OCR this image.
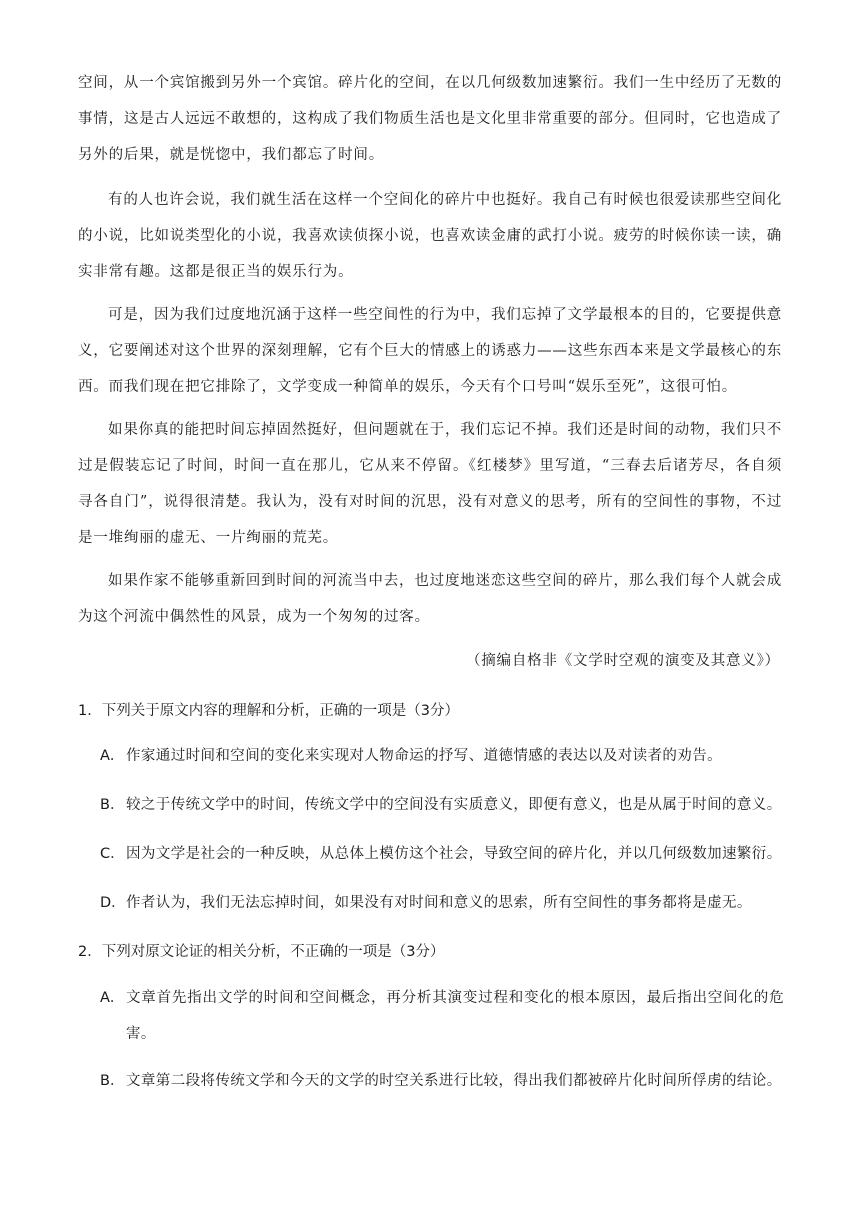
空间，从一个宾馆搬到另外一个宾馆。碎片化的空间，在以几何级数加速繁衍。我们一生中经历了无数的事情，这是古人远远不敢想的，这构成了我们物质生活也是文化里非常重要的部分。但同时，它也造成了另外的后果，就是恍惚中，我们都忘了时间。

有的人也许会说，我们就生活在这样一个空间化的碎片中也挺好。我自己有时候也很爱读那些空间化的小说，比如说类型化的小说，我喜欢读侦探小说，也喜欢读金庸的武打小说。疲劳的时候你读一读，确实非常有趣。这都是很正当的娱乐行为。

可是，因为我们过度地沉涵于这样一些空间性的行为中，我们忘掉了文学最根本的目的，它要提供意义，它要阐述对这个世界的深刻理解，它有个巨大的情感上的诱惑力——这些东西本来是文学最核心的东西。而我们现在把它排除了，文学变成一种简单的娱乐，今天有个口号叫“娱乐至死”，这很可怕。

如果你真的能把时间忘掉固然挺好，但问题就在于，我们忘记不掉。我们还是时间的动物，我们只不过是假装忘记了时间，时间一直在那儿，它从来不停留。《红楼梦》里写道，“三春去后诸芳尽，各自须寻各自门”，说得很清楚。我认为，没有对时间的沉思，没有对意义的思考，所有的空间性的事物，不过是一堆绚丽的虚无、一片绚丽的荒芜。

如果作家不能够重新回到时间的河流当中去，也过度地迷恋这些空间的碎片，那么我们每个人就会成为这个河流中偶然性的风景，成为一个匆匆的过客。

（摘编自格非《文学时空观的演变及其意义》）
1．下列关于原文内容的理解和分析，正确的一项是（3分）
A． 作家通过时间和空间的变化来实现对人物命运的抒写、道德情感的表达以及对读者的劝告。
B． 较之于传统文学中的时间，传统文学中的空间没有实质意义，即便有意义，也是从属于时间的意义。
C． 因为文学是社会的一种反映，从总体上模仿这个社会，导致空间的碎片化，并以几何级数加速繁衍。
D． 作者认为，我们无法忘掉时间，如果没有对时间和意义的思索，所有空间性的事务都将是虚无。
2．下列对原文论证的相关分析，不正确的一项是（3分）
A． 文章首先指出文学的时间和空间概念，再分析其演变过程和变化的根本原因，最后指出空间化的危害。
B． 文章第二段将传统文学和今天的文学的时空关系进行比较，得出我们都被碎片化时间所俘虏的结论。
